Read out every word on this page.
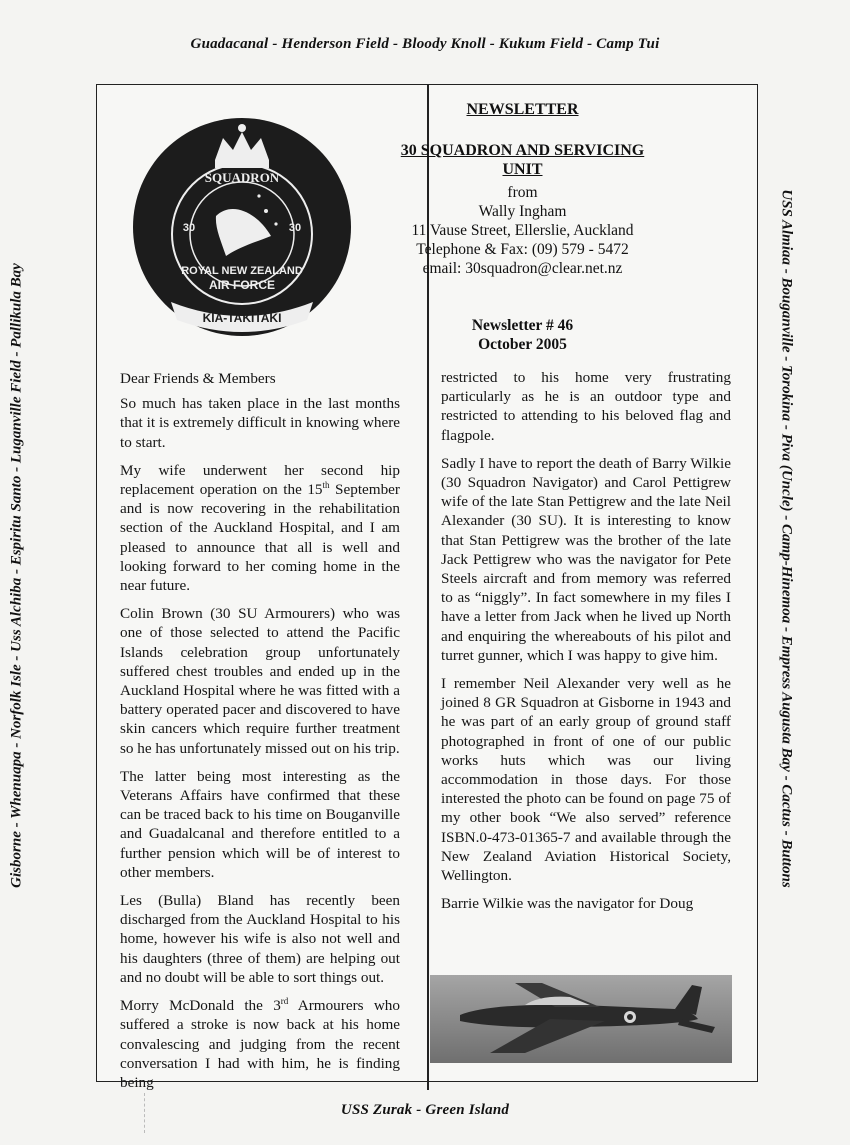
Guadacanal - Henderson Field - Bloody Knoll - Kukum Field - Camp Tui
Gisborne - Whenuapa - Norfolk Isle - Uss Alchiba - Espiritu Santo - Luganville Field - Pallikula Bay	USS Almiaa - Bouganville - Torokina - Piva (Uncle) - Camp-Hinemoa - Empress Augusta Bay - Cactus - Buttons
USS Zurak - Green Island
SQUADRON
30	30
ROYAL NEW ZEALAND
AIR FORCE
KIA-TAKITAKI
NEWSLETTER
30 SQUADRON AND SERVICING UNIT
from
Wally Ingham
11 Vause Street, Ellerslie, Auckland
Telephone & Fax: (09) 579 - 5472
email: 30squadron@clear.net.nz
Newsletter # 46
October 2005

Dear Friends & Members

So much has taken place in the last months that it is extremely difficult in knowing where to start.

My wife underwent her second hip replacement operation on the 15th September and is now recovering in the rehabilitation section of the Auckland Hospital, and I am pleased to announce that all is well and looking forward to her coming home in the near future.

Colin Brown (30 SU Armourers) who was one of those selected to attend the Pacific Islands celebration group unfortunately suffered chest troubles and ended up in the Auckland Hospital where he was fitted with a battery operated pacer and discovered to have skin cancers which require further treatment so he has unfortunately missed out on his trip.

The latter being most interesting as the Veterans Affairs have confirmed that these can be traced back to his time on Bouganville and Guadalcanal and therefore entitled to a further pension which will be of interest to other members.

Les (Bulla) Bland has recently been discharged from the Auckland Hospital to his home, however his wife is also not well and his daughters (three of them) are helping out and no doubt will be able to sort things out.

Morry McDonald the 3rd Armourers who suffered a stroke is now back at his home convalescing and judging from the recent conversation I had with him, he is finding being

restricted to his home very frustrating particularly as he is an outdoor type and restricted to attending to his beloved flag and flagpole.

Sadly I have to report the death of Barry Wilkie (30 Squadron Navigator) and Carol Pettigrew wife of the late Stan Pettigrew and the late Neil Alexander (30 SU). It is interesting to know that Stan Pettigrew was the brother of the late Jack Pettigrew who was the navigator for Pete Steels aircraft and from memory was referred to as “niggly”. In fact somewhere in my files I have a letter from Jack when he lived up North and enquiring the whereabouts of his pilot and turret gunner, which I was happy to give him.

I remember Neil Alexander very well as he joined 8 GR Squadron at Gisborne in 1943 and he was part of an early group of ground staff photographed in front of one of our public works huts which was our living accommodation in those days. For those interested the photo can be found on page 75 of my other book “We also served” reference ISBN.0-473-01365-7 and available through the New Zealand Aviation Historical Society, Wellington.

Barrie Wilkie was the navigator for Doug
